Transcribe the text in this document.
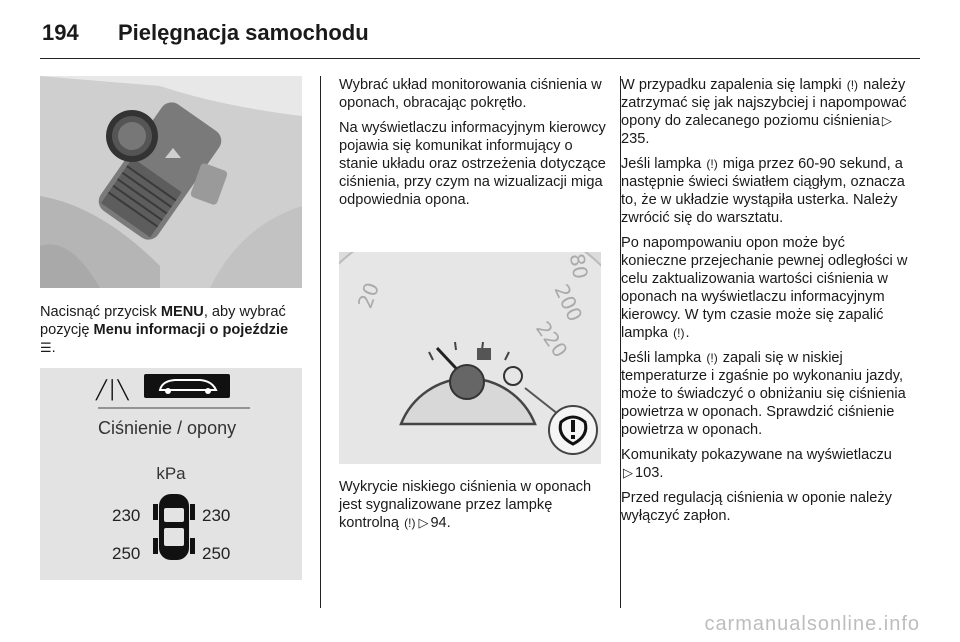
194 Pielęgnacja samochodu

Nacisnąć przycisk MENU, aby wybrać pozycję Menu informacji o pojeździe ☰.

╱│╲
Ciśnienie / opony
kPa
230	230
250	250

Wybrać układ monitorowania ciśnienia w oponach, obracając pokrętło.

Na wyświetlaczu informacyjnym kierowcy pojawia się komunikat informujący o stanie układu oraz ostrzeżenia dotyczące ciśnienia, przy czym na wizualizacji miga odpowiednia opona.

20
80
200
220

Wykrycie niskiego ciśnienia w oponach jest sygnalizowane przez lampkę kontrolną (!) ▷ 94.

W przypadku zapalenia się lampki (!) należy zatrzymać się jak najszybciej i napompować opony do zalecanego poziomu ciśnienia ▷235.

Jeśli lampka (!) miga przez 60-90 sekund, a następnie świeci światłem ciągłym, oznacza to, że w układzie wystąpiła usterka. Należy zwrócić się do warsztatu.

Po napompowaniu opon może być konieczne przejechanie pewnej odległości w celu zaktualizowania wartości ciśnienia w oponach na wyświetlaczu informacyjnym kierowcy. W tym czasie może się zapalić lampka (!).

Jeśli lampka (!) zapali się w niskiej temperaturze i zgaśnie po wykonaniu jazdy, może to świadczyć o obniżaniu się ciśnienia powietrza w oponach. Sprawdzić ciśnienie powietrza w oponach.

Komunikaty pokazywane na wyświetlaczu ▷ 103.

Przed regulacją ciśnienia w oponie należy wyłączyć zapłon.

carmanualsonline.info
